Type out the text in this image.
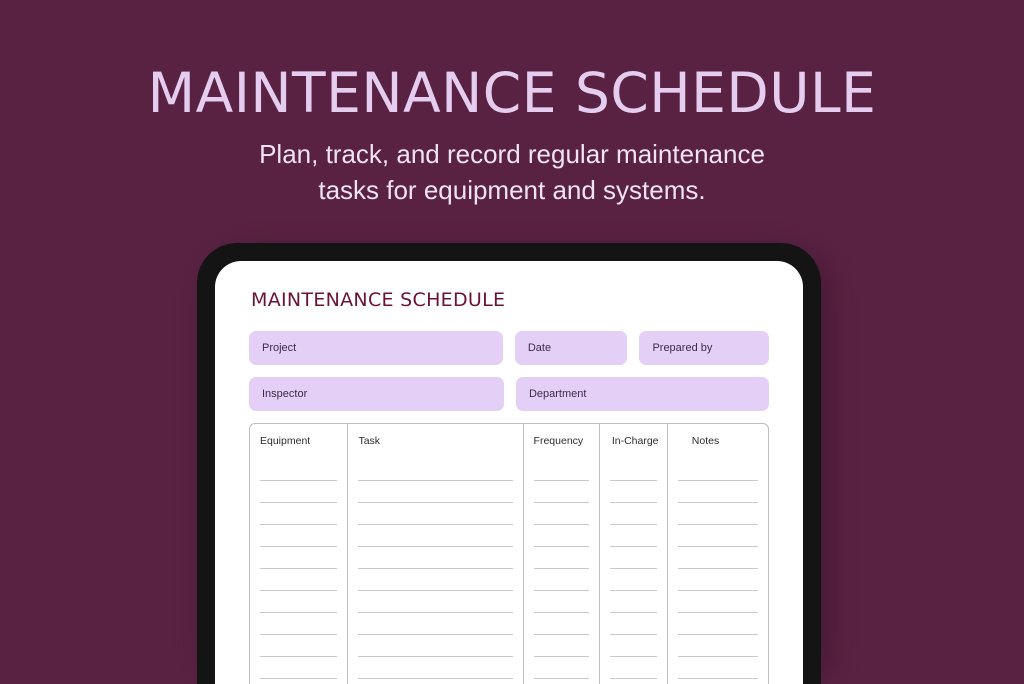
MAINTENANCE SCHEDULE
Plan, track, and record regular maintenance
tasks for equipment and systems.
MAINTENANCE SCHEDULE
Project	Date	Prepared by
Inspector	Department
Equipment	Task	Frequency	In-Charge	Notes
